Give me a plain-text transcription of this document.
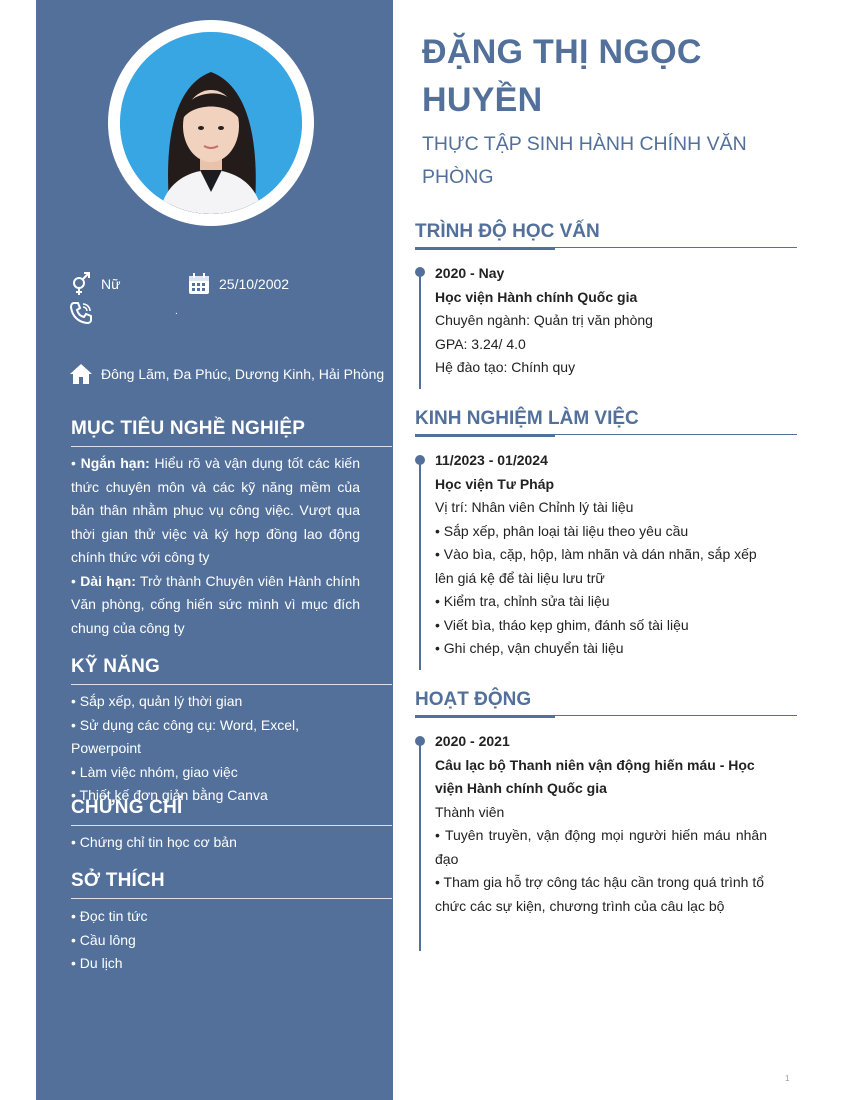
Nữ	25/10/2002
.
Đông Lãm, Đa Phúc, Dương Kinh, Hải Phòng
MỤC TIÊU NGHỀ NGHIỆP
• Ngắn hạn: Hiểu rõ và vận dụng tốt các kiến thức chuyên môn và các kỹ năng mềm của bản thân nhằm phục vụ công việc. Vượt qua thời gian thử việc và ký hợp đồng lao động chính thức với công ty
• Dài hạn: Trở thành Chuyên viên Hành chính Văn phòng, cống hiến sức mình vì mục đích chung của công ty
KỸ NĂNG
• Sắp xếp, quản lý thời gian
• Sử dụng các công cụ: Word, Excel, Powerpoint
• Làm việc nhóm, giao việc
• Thiết kế đơn giản bằng Canva
CHỨNG CHỈ
• Chứng chỉ tin học cơ bản
SỞ THÍCH
• Đọc tin tức
• Cầu lông
• Du lịch
ĐẶNG THỊ NGỌC HUYỀN
THỰC TẬP SINH HÀNH CHÍNH VĂN PHÒNG
TRÌNH ĐỘ HỌC VẤN
2020 - Nay
Học viện Hành chính Quốc gia
Chuyên ngành: Quản trị văn phòng
GPA: 3.24/ 4.0
Hệ đào tạo: Chính quy
KINH NGHIỆM LÀM VIỆC
11/2023 - 01/2024
Học viện Tư Pháp
Vị trí: Nhân viên Chỉnh lý tài liệu
• Sắp xếp, phân loại tài liệu theo yêu cầu
• Vào bìa, cặp, hộp, làm nhãn và dán nhãn, sắp xếp lên giá kệ để tài liệu lưu trữ
• Kiểm tra, chỉnh sửa tài liệu
• Viết bìa, tháo kẹp ghim, đánh số tài liệu
• Ghi chép, vận chuyển tài liệu
HOẠT ĐỘNG
2020 - 2021
Câu lạc bộ Thanh niên vận động hiến máu - Học viện Hành chính Quốc gia
Thành viên
• Tuyên truyền, vận động mọi người hiến máu nhân đạo
• Tham gia hỗ trợ công tác hậu cần trong quá trình tổ chức các sự kiện, chương trình của câu lạc bộ
1
